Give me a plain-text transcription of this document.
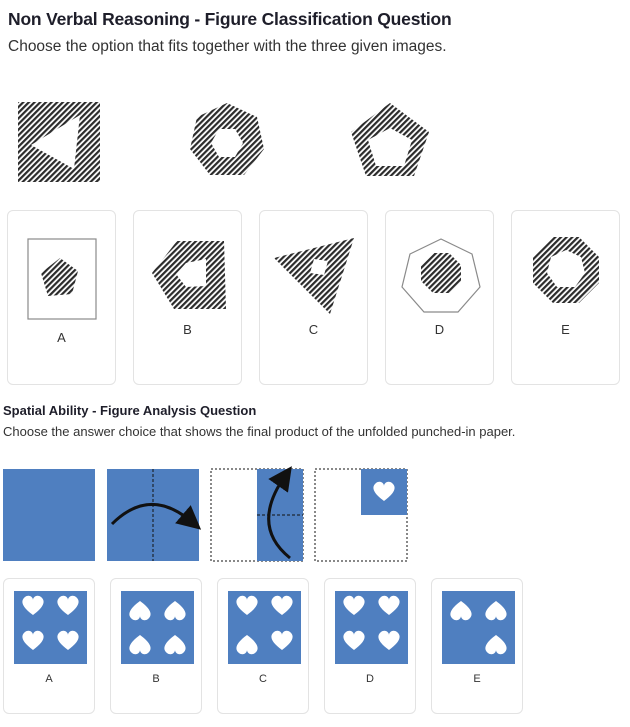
Non Verbal Reasoning - Figure Classification Question

Choose the option that fits together with the three given images.

A
B	C	D	E
Spatial Ability - Figure Analysis Question

Choose the answer choice that shows the final product of the unfolded punched-in paper.

A	B	C	D	E
